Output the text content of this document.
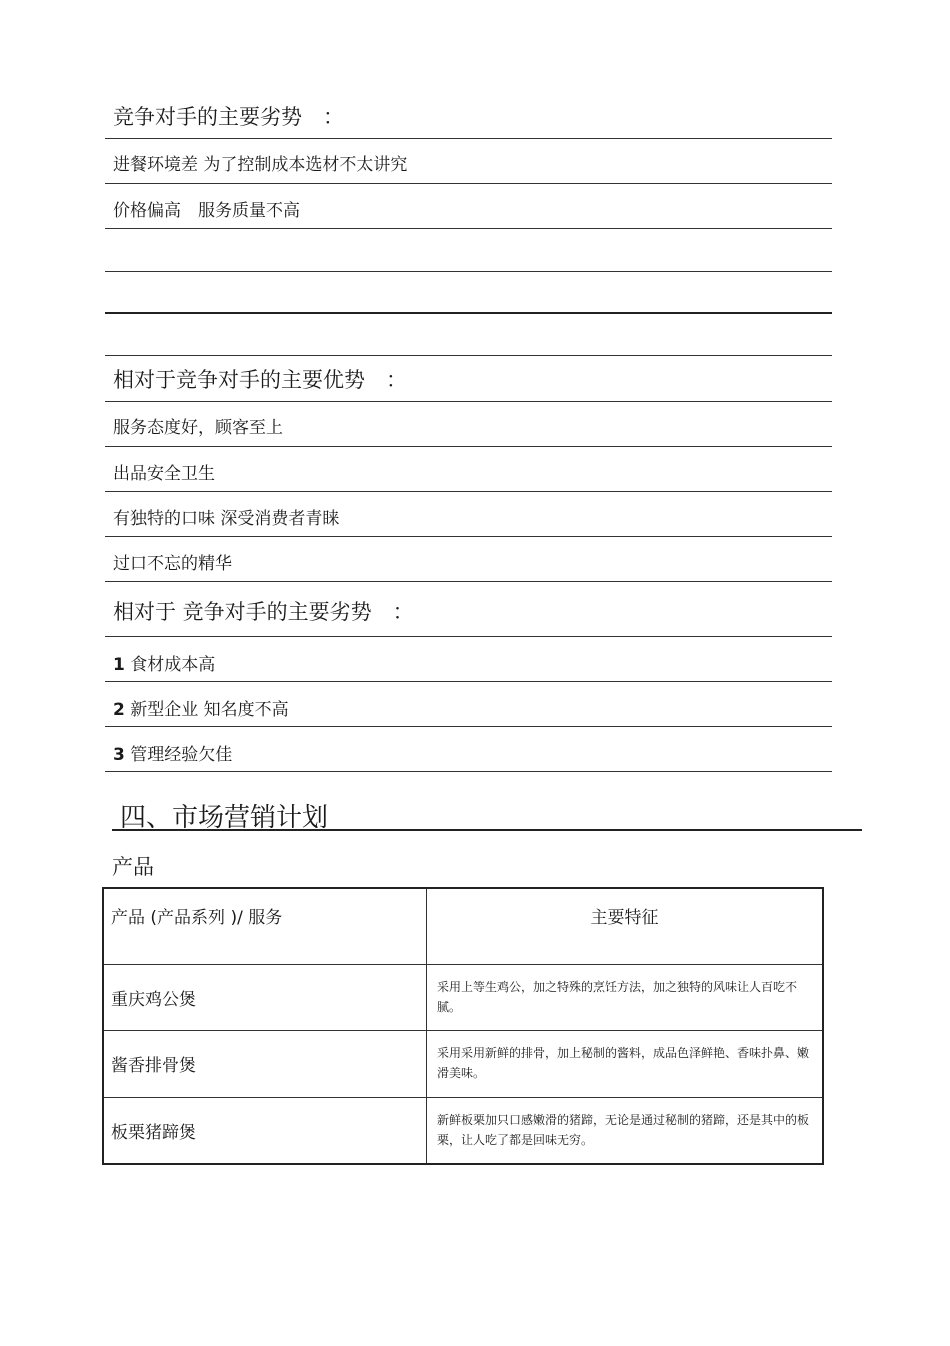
竞争对手的主要劣势　：
进餐环境差 为了控制成本选材不太讲究
价格偏高　服务质量不高
相对于竞争对手的主要优势　：
服务态度好，顾客至上
出品安全卫生
有独特的口味 深受消费者青睐
过口不忘的精华
相对于 竞争对手的主要劣势　：
1 食材成本高
2 新型企业 知名度不高
3 管理经验欠佳
四、市场营销计划
产品
产品 (产品系列 )/ 服务	主要特征
重庆鸡公煲	采用上等生鸡公，加之特殊的烹饪方法，加之独特的风味让人百吃不腻。
酱香排骨煲	采用采用新鲜的排骨，加上秘制的酱料，成品色泽鲜艳、香味扑鼻、嫩滑美味。
板栗猪蹄煲	新鲜板栗加只口感嫩滑的猪蹄，无论是通过秘制的猪蹄，还是其中的板栗，让人吃了都是回味无穷。
